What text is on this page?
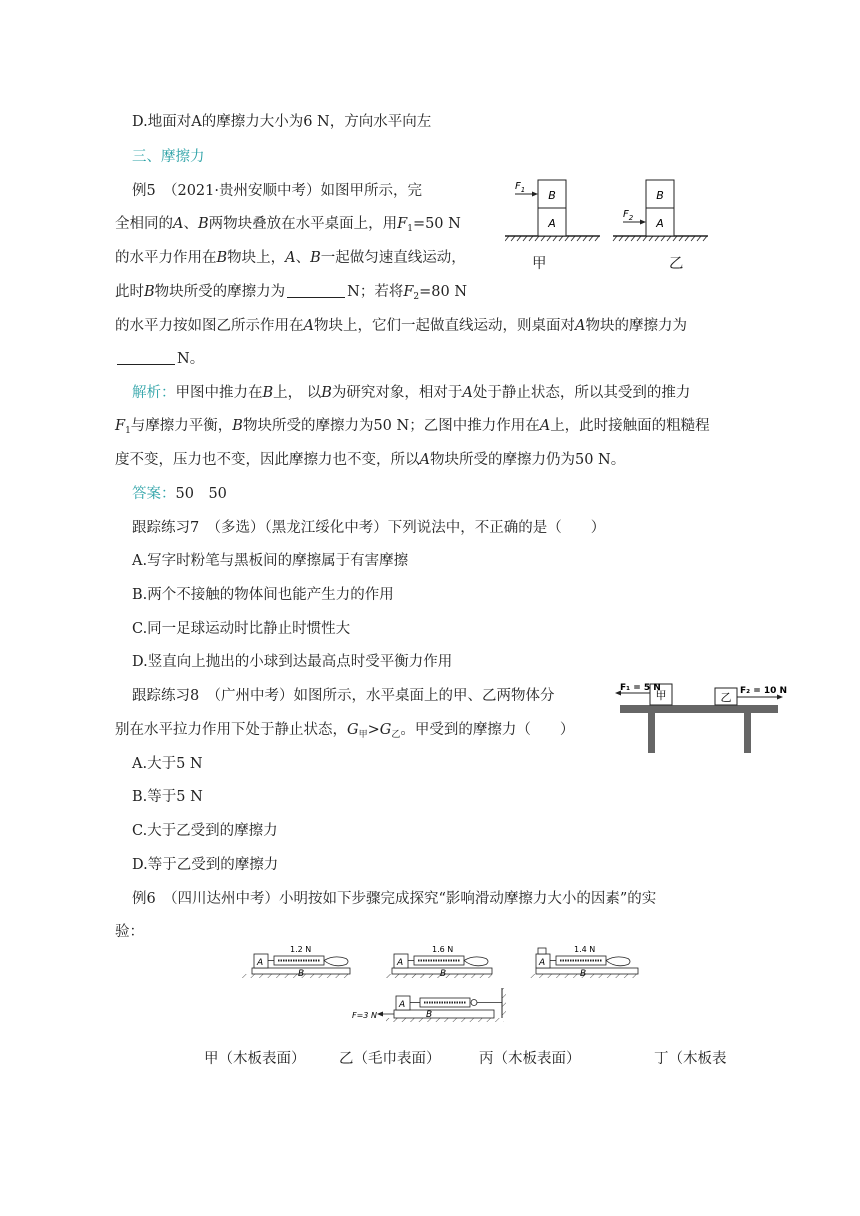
D.地面对A的摩擦力大小为6 N，方向水平向左
三、摩擦力
例5　（2021·贵州安顺中考）如图甲所示，完
全相同的A、B两物块叠放在水平桌面上，用$F_1=50$ N
的水平力作用在B物块上，A、B一起做匀速直线运动，
此时B物块所受的摩擦力为	N；若将$F_2=80$ N
的水平力按如图乙所示作用在A物块上，它们一起做直线运动，则桌面对A物块的摩擦力为
N。
B
A
$F_1$	B
A
$F_2$
甲	乙
解析：甲图中推力在B上， 以B为研究对象，相对于A处于静止状态，所以其受到的推力
$F_1$与摩擦力平衡，B物块所受的摩擦力为50 N；乙图中推力作用在A上，此时接触面的粗糙程
度不变，压力也不变，因此摩擦力也不变，所以A物块所受的摩擦力仍为50 N。
答案：50　50
跟踪练习7　（多选）（黑龙江绥化中考）下列说法中，不正确的是（　　）
A.写字时粉笔与黑板间的摩擦属于有害摩擦
B.两个不接触的物体间也能产生力的作用
C.同一足球运动时比静止时惯性大
D.竖直向上抛出的小球到达最高点时受平衡力作用
跟踪练习8　（广州中考）如图所示，水平桌面上的甲、乙两物体分
别在水平拉力作用下处于静止状态，$G_甲>G_乙$。甲受到的摩擦力（　　）
A.大于5 N
B.等于5 N
C.大于乙受到的摩擦力
D.等于乙受到的摩擦力
甲	乙
F₁ = 5 N	F₂ = 10 N
例6　（四川达州中考）小明按如下步骤完成探究“影响滑动摩擦力大小的因素”的实
验：
B
A
1.2 N
B
A
1.6 N
B
A
1.4 N
B
A
F=3 N
甲（木板表面） 乙（毛巾表面）	丙（木板表面）	丁（木板表
